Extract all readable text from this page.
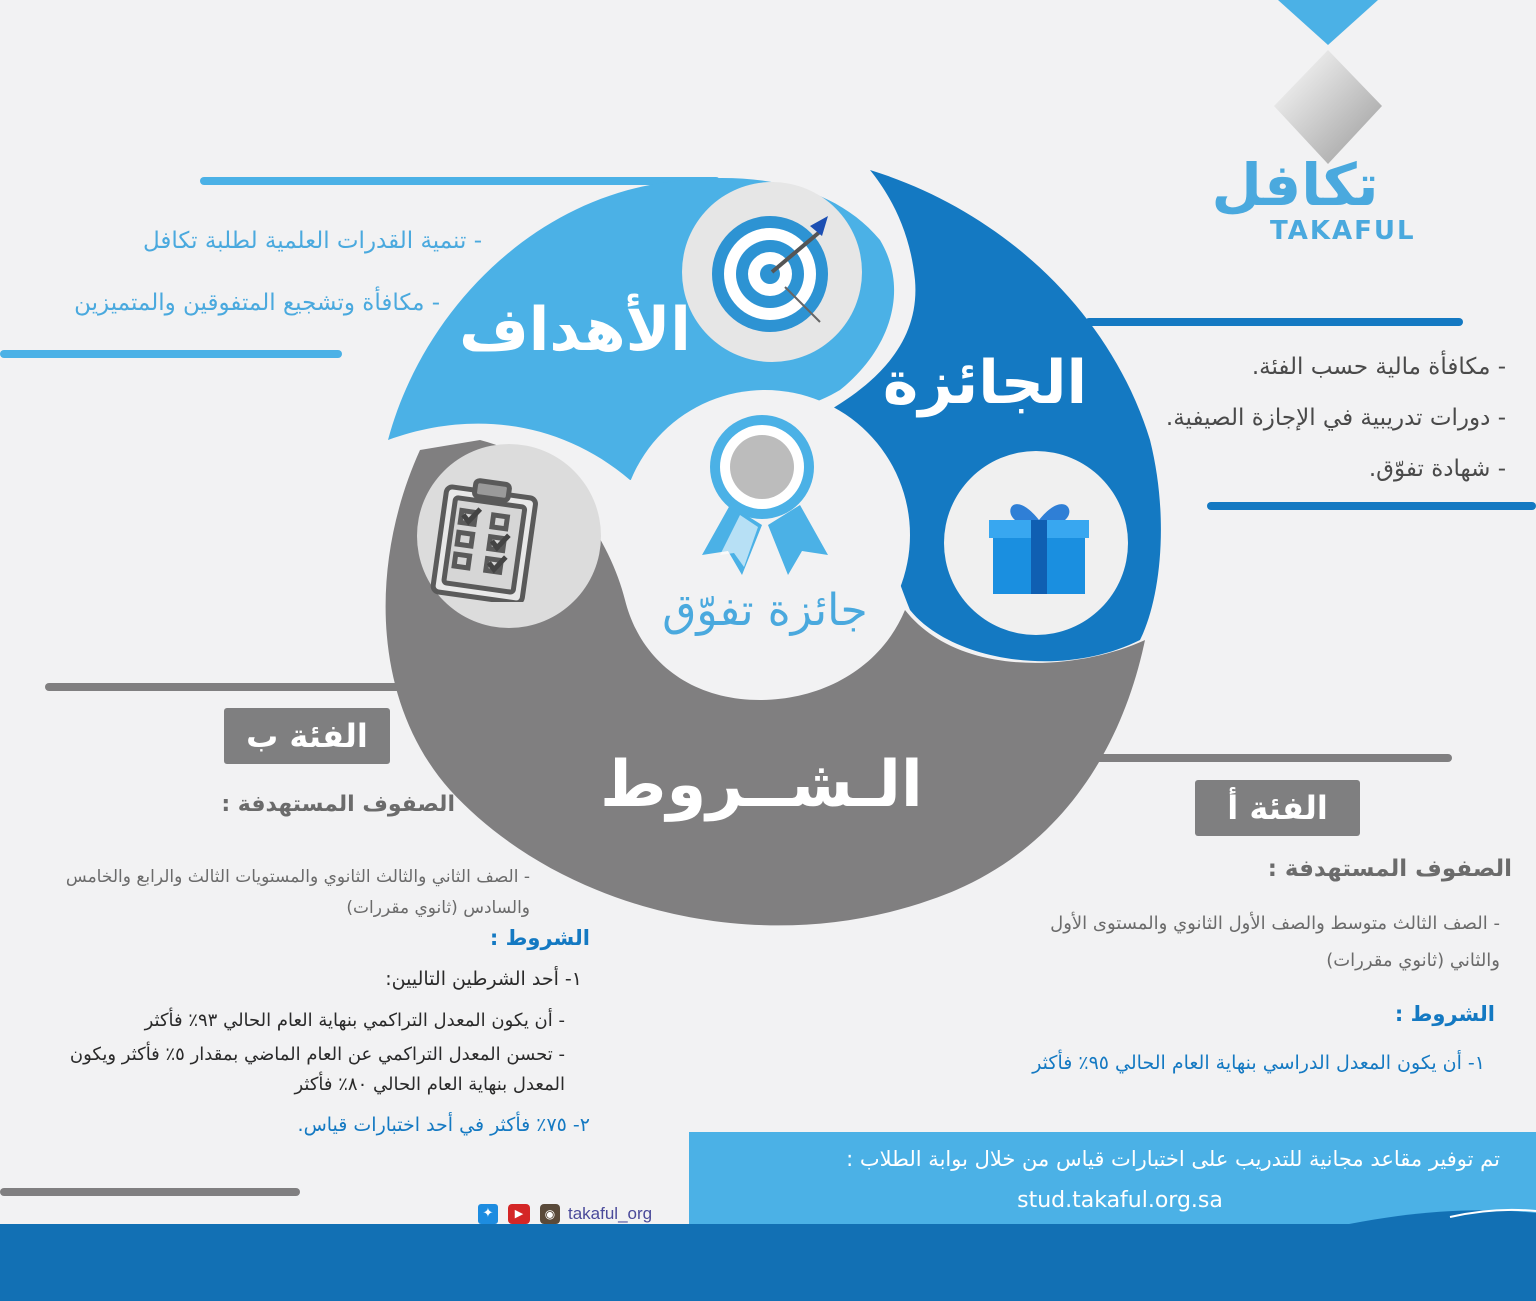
تكافل
TAKAFUL
الأهداف
الجائزة
الـشــروط
جائزة تفوّق
- تنمية القدرات العلمية لطلبة تكافل
- مكافأة وتشجيع المتفوقين والمتميزين
- مكافأة مالية حسب الفئة.
- دورات تدريبية في الإجازة الصيفية.
- شهادة تفوّق.
الفئة ب
الصفوف المستهدفة :
- الصف الثاني والثالث الثانوي والمستويات الثالث والرابع والخامس
والسادس (ثانوي مقررات)
الشروط :
١- أحد الشرطين التاليين:
- أن يكون المعدل التراكمي بنهاية العام الحالي ٩٣٪ فأكثر
- تحسن المعدل التراكمي عن العام الماضي بمقدار ٥٪ فأكثر ويكون
المعدل بنهاية العام الحالي ٨٠٪ فأكثر
٢- ٧٥٪ فأكثر في أحد اختبارات قياس.
الفئة أ
الصفوف المستهدفة :
- الصف الثالث متوسط والصف الأول الثانوي والمستوى الأول
والثاني (ثانوي مقررات)
الشروط :
١- أن يكون المعدل الدراسي بنهاية العام الحالي ٩٥٪ فأكثر
تم توفير مقاعد مجانية للتدريب على اختبارات قياس من خلال بوابة الطلاب :
stud.takaful.org.sa
✦	▶	◉ takaful_org
